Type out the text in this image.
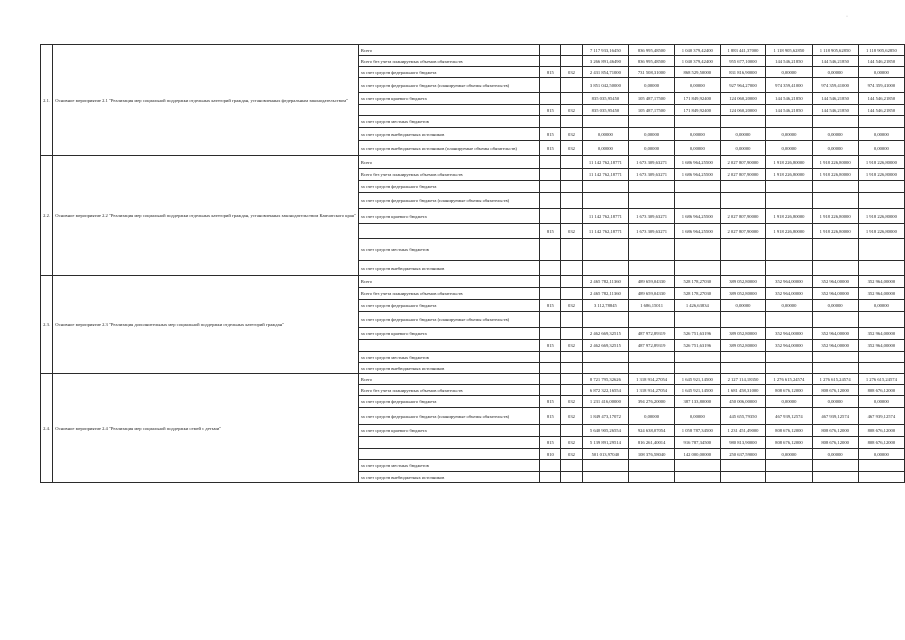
·
	2.1.	Основное мероприятие 2.1 "Реализация мер социальной поддержки отдельных категорий граждан, установленных федеральным законодательством"	Всего			7 117 933,16450	836 995,48500	1 040 379,42400	1 883 441,37000	1 118 905,62850	1 118 905,62850	1 118 905,62850
			Всего без учета планируемых объемов обязательств			3 266 891,46490	836 995,48500	1 040 379,42400	955 677,10000	144 546,21850	144 546,21850	144 546,21850
			за счет средств федерального бюджета	815	032	2 431 854,71000	731 508,31000	868 529,50000	831 816,90000	0,00000	0,00000	0,00000
			за счет средств федерального бюджета (планируемые объемы обязательств)			3 851 042,50000	0,00000	0,00000	927 964,27000	974 359,41000	974 359,41000	974 359,41000
			за счет средств краевого бюджета			835 035,95450	105 487,17500	171 849,92400	124 060,20000	144 546,21850	144 546,21850	144 546,21850
				815	032	835 035,95450	105 487,17500	171 849,92400	124 060,20000	144 546,21850	144 546,21850	144 546,21850
			за счет средств местных бюджетов									
			за счет средств внебюджетных источников	815	032	0,00000	0,00000	0,00000	0,00000	0,00000	0,00000	0,00000
			за счет средств внебюджетных источников (планируемые объемы обязательств)	815	032	0,00000	0,00000	0,00000	0,00000	0,00000	0,00000	0,00000
	2.2.	Основное мероприятие 2.2 "Реализация мер социальной поддержки отдельных категорий граждан, установленных законодательством Камчатского края"	Всего			11 142 762,18771	1 673 309,63271	1 686 964,25500	2 027 807,90000	1 918 226,80000	1 918 226,80000	1 918 226,80000
			Всего без учета планируемых объемов обязательств			11 142 762,18771	1 673 309,63271	1 686 964,25500	2 027 807,90000	1 918 226,80000	1 918 226,80000	1 918 226,80000
			за счет средств федерального бюджета									
			за счет средств федерального бюджета (планируемые объемы обязательств)									
			за счет средств краевого бюджета			11 142 762,18771	1 673 309,63271	1 686 964,25500	2 027 807,90000	1 918 226,80000	1 918 226,80000	1 918 226,80000
				815	032	11 142 762,18771	1 673 309,63271	1 686 964,25500	2 027 807,90000	1 918 226,80000	1 918 226,80000	1 918 226,80000
			за счет средств местных бюджетов									
			за счет средств внебюджетных источников									
	2.3.	Основное мероприятие 2.3 "Реализация дополнительных мер социальной поддержки отдельных категорий граждан"	Всего			2 465 782,11360	489 659,04330	528 178,27030	389 052,80000	352 964,00000	352 964,00000	352 964,00000
			Всего без учета планируемых объемов обязательств			2 465 782,11360	489 659,04330	528 178,27030	389 052,80000	352 964,00000	352 964,00000	352 964,00000
			за счет средств федерального бюджета	815	032	3 112,78845	1 686,15011	1 426,63834	0,00000	0,00000	0,00000	0,00000
			за счет средств федерального бюджета (планируемые объемы обязательств)									
			за счет средств краевого бюджета			2 462 669,32515	487 972,89319	526 751,63196	389 052,80000	352 964,00000	352 964,00000	352 964,00000
				815	032	2 462 669,32515	487 972,89319	526 751,63196	389 052,80000	352 964,00000	352 964,00000	352 964,00000
			за счет средств местных бюджетов									
			за счет средств внебюджетных источников									
	2.4.	Основное мероприятие 2.4 "Реализация мер социальной поддержки семей с детьми"	Всего			8 721 795,32626	1 318 914,27054	1 645 921,14500	2 127 114,18350	1 276 615,24574	1 276 615,24574	1 276 615,24574
			Всего без учета планируемых объемов обязательств			6 872 322,16554	1 318 914,27054	1 645 921,14500	1 681 458,31000	808 676,12000	808 676,12000	808 676,12000
			за счет средств федерального бюджета	815	032	1 231 416,00000	394 276,20000	387 133,80000	450 006,00000	0,00000	0,00000	0,00000
			за счет средств федерального бюджета (планируемые объемы обязательств)	815	032	1 849 473,17072	0,00000	0,00000	445 655,79350	467 939,12574	467 939,12574	467 939,12574
			за счет средств краевого бюджета			5 640 905,26554	924 638,07054	1 058 787,34500	1 231 451,49000	808 676,12000	808 676,12000	808 676,12000
				815	032	5 139 891,29514	816 261,40014	916 787,34500	980 813,90000	808 676,12000	808 676,12000	808 676,12000
				810	032	501 013,97040	108 376,58040	142 000,00000	250 637,59000	0,00000	0,00000	0,00000
			за счет средств местных бюджетов									
			за счет средств внебюджетных источников									
